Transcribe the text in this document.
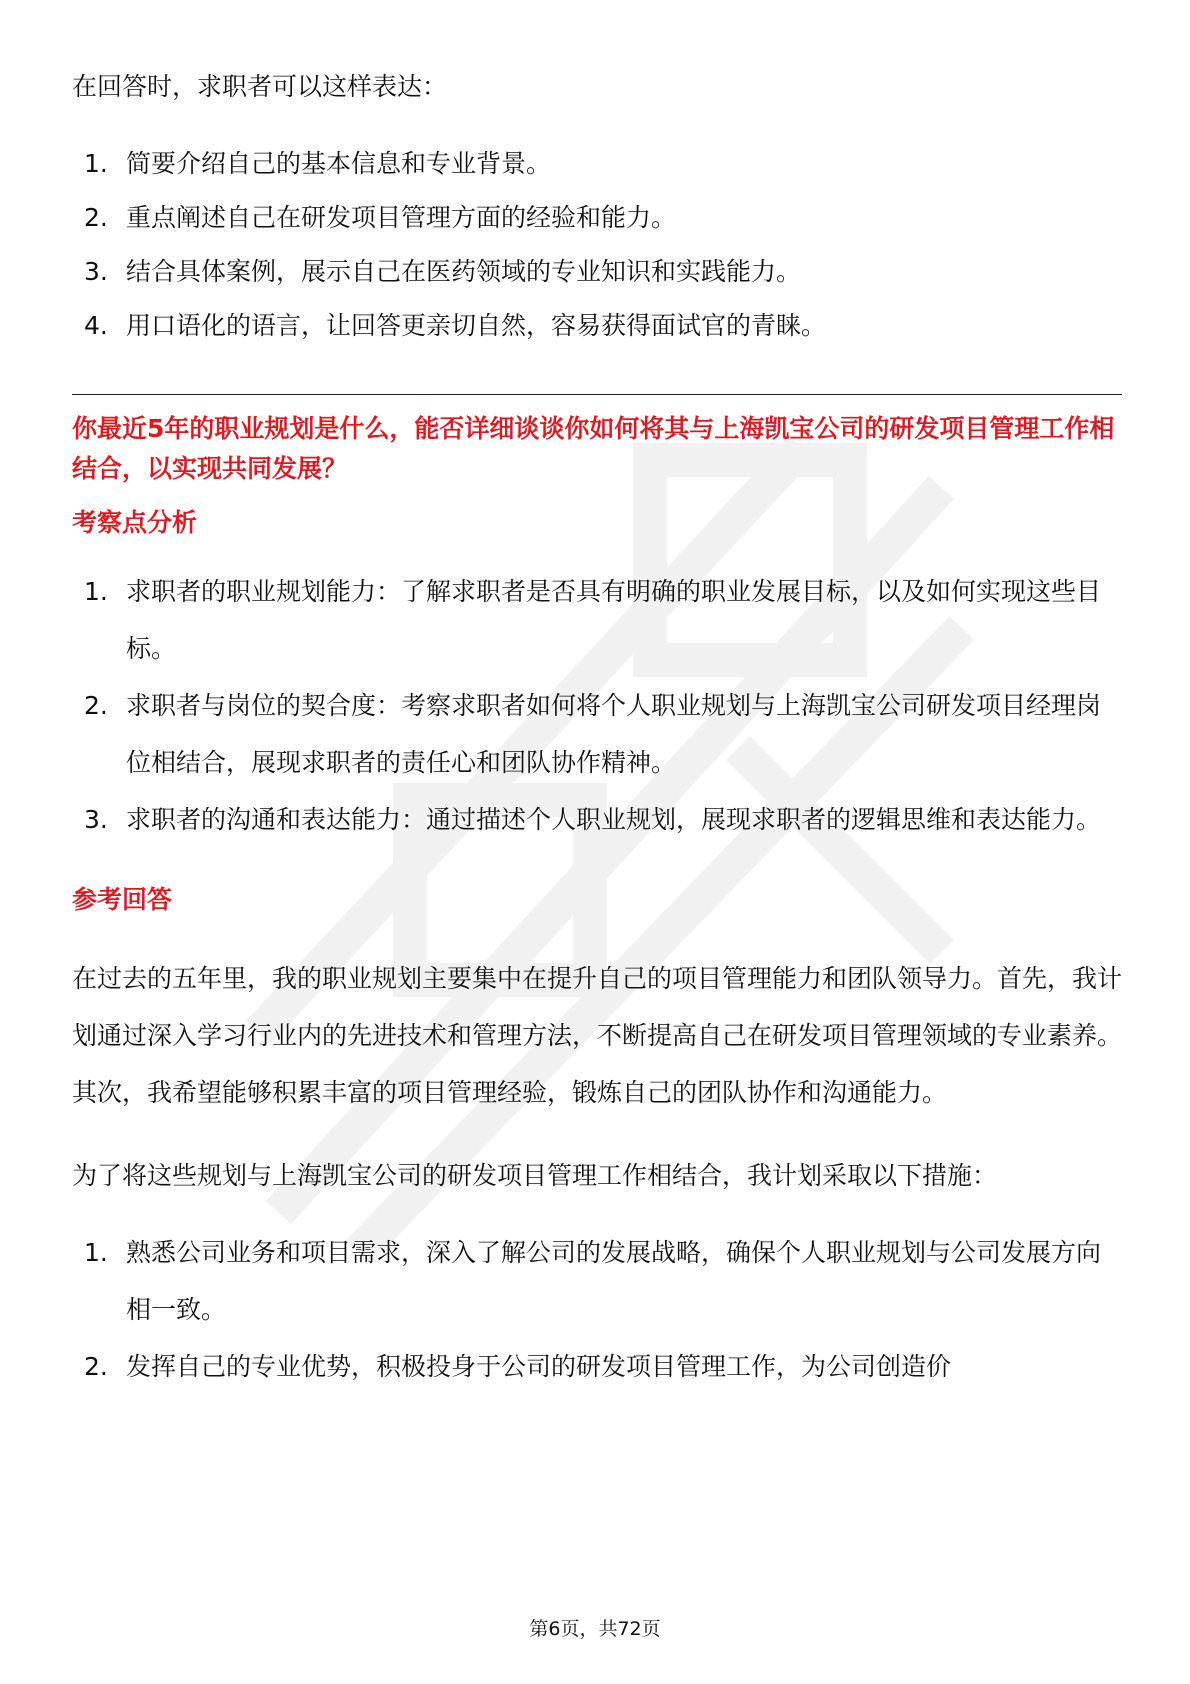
在回答时，求职者可以这样表达：

1. 简要介绍自己的基本信息和专业背景。
2. 重点阐述自己在研发项目管理方面的经验和能力。
3. 结合具体案例，展示自己在医药领域的专业知识和实践能力。
4. 用口语化的语言，让回答更亲切自然，容易获得面试官的青睐。

你最近5年的职业规划是什么，能否详细谈谈你如何将其与上海凯宝公司的研发项目管理工作相结合，以实现共同发展？

考察点分析

1. 求职者的职业规划能力：了解求职者是否具有明确的职业发展目标，以及如何实现这些目标。
2. 求职者与岗位的契合度：考察求职者如何将个人职业规划与上海凯宝公司研发项目经理岗位相结合，展现求职者的责任心和团队协作精神。
3. 求职者的沟通和表达能力：通过描述个人职业规划，展现求职者的逻辑思维和表达能力。

参考回答

在过去的五年里，我的职业规划主要集中在提升自己的项目管理能力和团队领导力。首先，我计划通过深入学习行业内的先进技术和管理方法，不断提高自己在研发项目管理领域的专业素养。其次，我希望能够积累丰富的项目管理经验，锻炼自己的团队协作和沟通能力。

为了将这些规划与上海凯宝公司的研发项目管理工作相结合，我计划采取以下措施：

1. 熟悉公司业务和项目需求，深入了解公司的发展战略，确保个人职业规划与公司发展方向相一致。
2. 发挥自己的专业优势，积极投身于公司的研发项目管理工作，为公司创造价
第6页，共72页
